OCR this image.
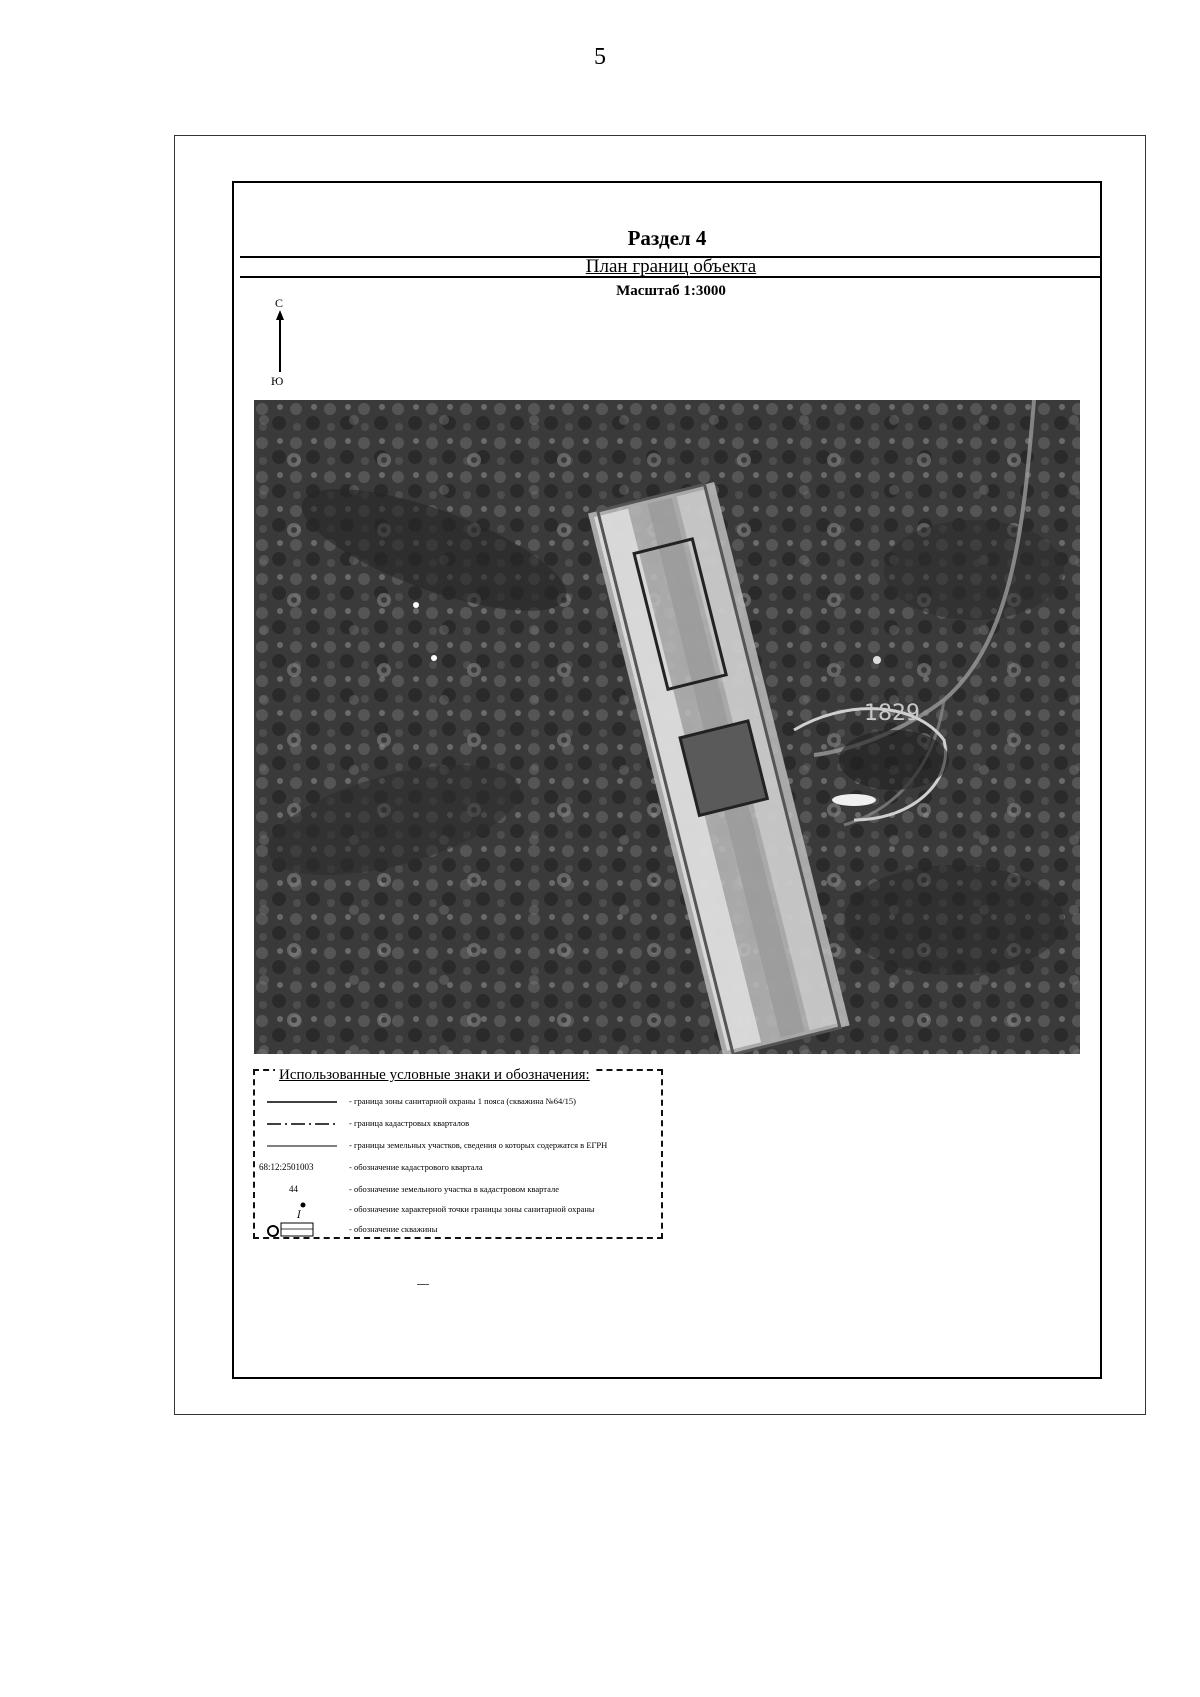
5
Раздел 4
План границ объекта
Масштаб 1:3000
С
Ю
1829
Использованные условные знаки и обозначения:
- граница зоны санитарной охраны 1 пояса (скважина №64/15)
- граница кадастровых кварталов
- границы земельных участков, сведения о которых содержатся в ЕГРН
68:12:2501003	- обозначение кадастрового квартала
44	- обозначение земельного участка в кадастровом квартале
I
- обозначение характерной точки границы зоны санитарной охраны
- обозначение скважины
